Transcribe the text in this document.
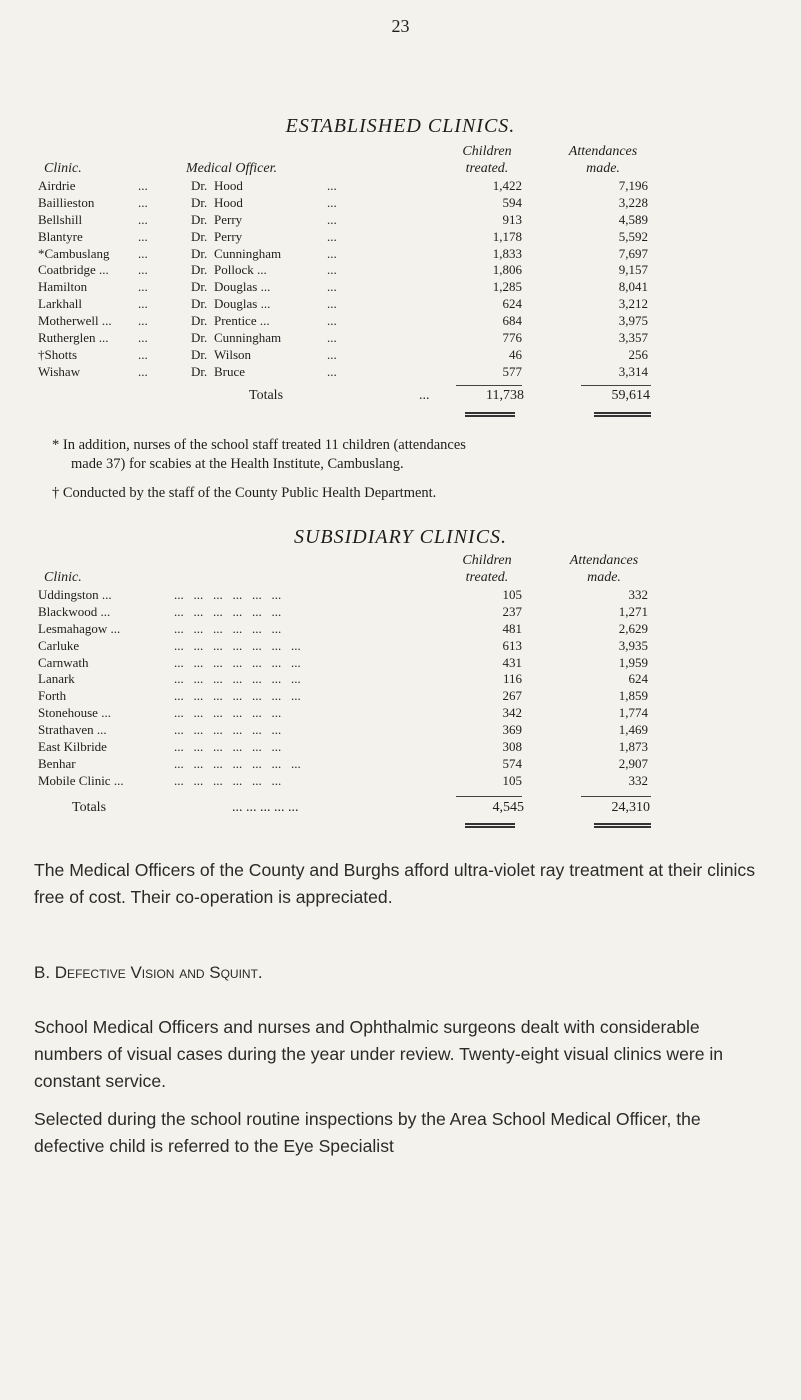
23
ESTABLISHED CLINICS.
Children
treated.
Attendances
made.
Clinic.	Medical Officer.
Airdrie	...	Dr. Hood	...	1,422	7,196
Baillieston	...	Dr. Hood	...	594	3,228
Bellshill	...	Dr. Perry	...	913	4,589
Blantyre	...	Dr. Perry	...	1,178	5,592
*Cambuslang ...	Dr. Cunningham	...	1,833	7,697
Coatbridge ... ...	Dr. Pollock ...	...	1,806	9,157
Hamilton	...	Dr. Douglas ...	...	1,285	8,041
Larkhall	...	Dr. Douglas ...	...	624	3,212
Motherwell ... ...	Dr. Prentice ...	...	684	3,975
Rutherglen ... ...	Dr. Cunningham	...	776	3,357
†Shotts	...	Dr. Wilson	...	46	256
Wishaw	...	Dr. Bruce	...	577	3,314
Totals	...	11,738	59,614
* In addition, nurses of the school staff treated 11 children (attendances
made 37) for scabies at the Health Institute, Cambuslang.
† Conducted by the staff of the County Public Health Department.
SUBSIDIARY CLINICS.
Children
treated.
Attendances
made.
Clinic.
Uddingston ...	...   ...   ...   ...   ...   ...	105	332
Blackwood ...	...   ...   ...   ...   ...   ...	237	1,271
Lesmahagow ...	...   ...   ...   ...   ...   ...	481	2,629
Carluke	...   ...   ...   ...   ...   ...   ...	613	3,935
Carnwath	...   ...   ...   ...   ...   ...   ...	431	1,959
Lanark	...   ...   ...   ...   ...   ...   ...	116	624
Forth	...   ...   ...   ...   ...   ...   ...	267	1,859
Stonehouse ...	...   ...   ...   ...   ...   ...	342	1,774
Strathaven ...	...   ...   ...   ...   ...   ...	369	1,469
East Kilbride	...   ...   ...   ...   ...   ...	308	1,873
Benhar	...   ...   ...   ...   ...   ...   ...	574	2,907
Mobile Clinic ...	...   ...   ...   ...   ...   ...	105	332
Totals	... ... ... ... ...	4,545	24,310
The Medical Officers of the County and Burghs afford ultra-violet ray treatment at their clinics free of cost. Their co-operation is appreciated.
B. Defective Vision and Squint.
School Medical Officers and nurses and Ophthalmic surgeons dealt with considerable numbers of visual cases during the year under review. Twenty-eight visual clinics were in constant service.
Selected during the school routine inspections by the Area School Medical Officer, the defective child is referred to the Eye Specialist
